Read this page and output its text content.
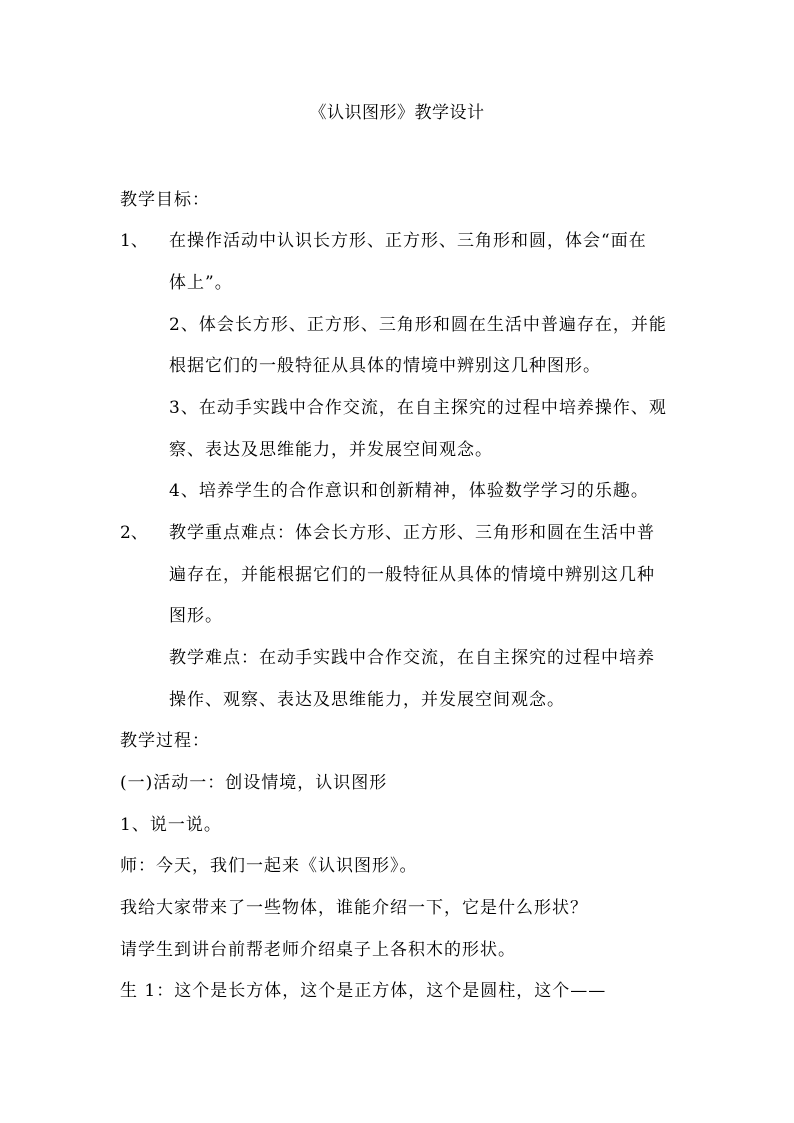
《认识图形》教学设计
教学目标：
1、 在操作活动中认识长方形、正方形、三角形和圆，体会“面在
体上”。
2、体会长方形、正方形、三角形和圆在生活中普遍存在，并能
根据它们的一般特征从具体的情境中辨别这几种图形。
3、在动手实践中合作交流，在自主探究的过程中培养操作、观
察、表达及思维能力，并发展空间观念。
4、培养学生的合作意识和创新精神，体验数学学习的乐趣。
2、 教学重点难点：体会长方形、正方形、三角形和圆在生活中普
遍存在，并能根据它们的一般特征从具体的情境中辨别这几种
图形。
教学难点：在动手实践中合作交流，在自主探究的过程中培养
操作、观察、表达及思维能力，并发展空间观念。
教学过程：
(一)活动一：创设情境，认识图形
1、说一说。
师：今天，我们一起来《认识图形》。
我给大家带来了一些物体，谁能介绍一下，它是什么形状？
请学生到讲台前帮老师介绍桌子上各积木的形状。
生 1：这个是长方体，这个是正方体，这个是圆柱，这个——
